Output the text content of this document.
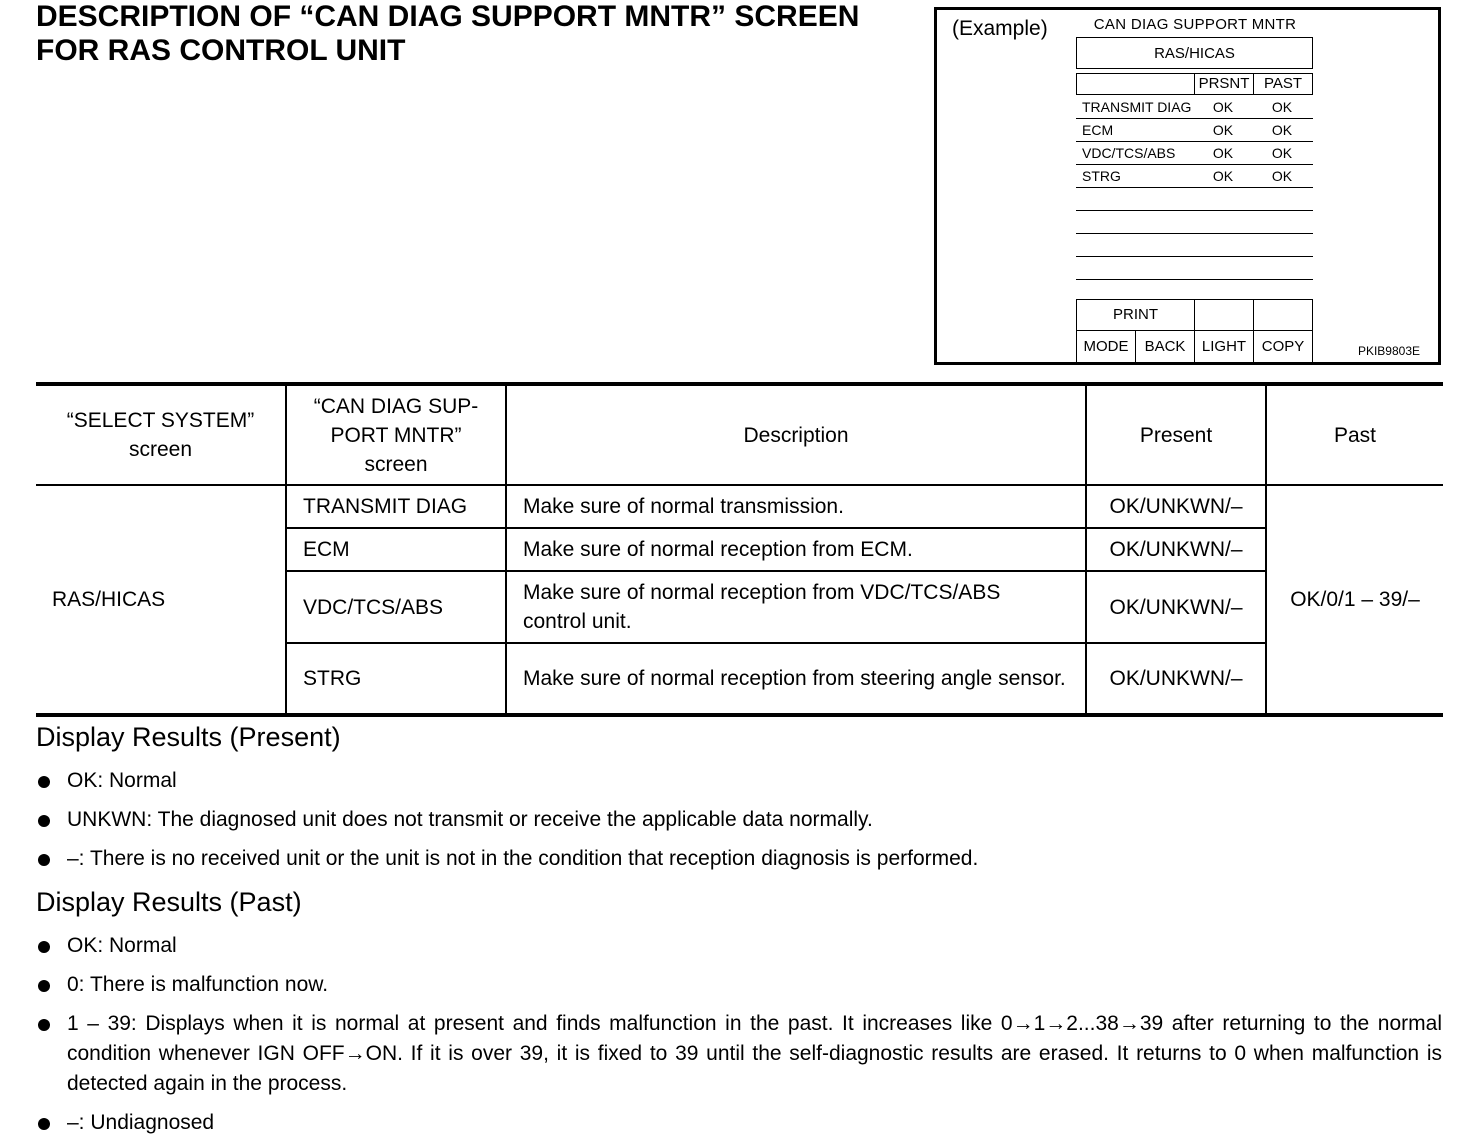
DESCRIPTION OF “CAN DIAG SUPPORT MNTR” SCREEN
FOR RAS CONTROL UNIT
(Example)	CAN DIAG SUPPORT MNTR
RAS/HICAS
PRSNT PAST
TRANSMIT DIAG	OK	OK
ECM	OK	OK
VDC/TCS/ABS	OK	OK
STRG	OK	OK
PRINT
MODE	BACK	LIGHT	COPY	PKIB9803E
“SELECT SYSTEM” screen	“CAN DIAG SUP-PORT MNTR” screen	Description	Present	Past
RAS/HICAS	TRANSMIT DIAG	Make sure of normal transmission.	OK/UNKWN/–	OK/0/1 – 39/–
	ECM	Make sure of normal reception from ECM.	OK/UNKWN/–	
	VDC/TCS/ABS	Make sure of normal reception from VDC/TCS/ABS control unit.	OK/UNKWN/–	
	STRG	Make sure of normal reception from steering angle sensor.	OK/UNKWN/–	
Display Results (Present)
OK: Normal
UNKWN: The diagnosed unit does not transmit or receive the applicable data normally.
–: There is no received unit or the unit is not in the condition that reception diagnosis is performed.
Display Results (Past)
OK: Normal
0: There is malfunction now.
1 – 39: Displays when it is normal at present and finds malfunction in the past. It increases like 0→1→2...38→39 after returning to the normal condition whenever IGN OFF→ON. If it is over 39, it is fixed to 39 until the self-diagnostic results are erased. It returns to 0 when malfunction is detected again in the process.
–: Undiagnosed
